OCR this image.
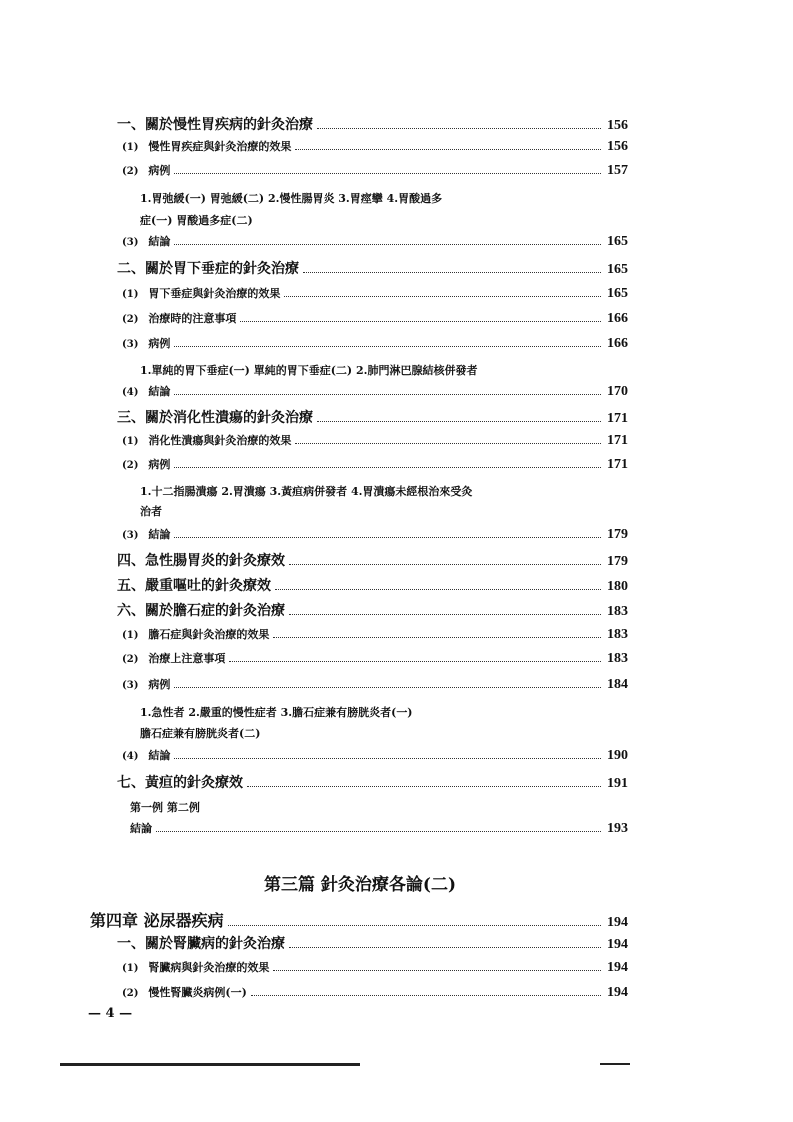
一、關於慢性胃疾病的針灸治療	156
(1) 慢性胃疾症與針灸治療的效果	156
(2) 病例	157
1.胃弛緩(一) 胃弛緩(二) 2.慢性腸胃炎 3.胃痙攣 4.胃酸過多
症(一) 胃酸過多症(二)
(3) 結論	165
二、關於胃下垂症的針灸治療	165
(1) 胃下垂症與針灸治療的效果	165
(2) 治療時的注意事項	166
(3) 病例	166
1.單純的胃下垂症(一) 單純的胃下垂症(二) 2.肺門淋巴腺結核併發者
(4) 結論	170
三、關於消化性潰瘍的針灸治療	171
(1) 消化性潰瘍與針灸治療的效果	171
(2) 病例	171
1.十二指腸潰瘍 2.胃潰瘍 3.黃疸病併發者 4.胃潰瘍未經根治來受灸
治者
(3) 結論	179
四、急性腸胃炎的針灸療效	179
五、嚴重嘔吐的針灸療效	180
六、關於膽石症的針灸治療	183
(1) 膽石症與針灸治療的效果	183
(2) 治療上注意事項	183
(3) 病例	184
1.急性者 2.嚴重的慢性症者 3.膽石症兼有膀胱炎者(一)
膽石症兼有膀胱炎者(二)
(4) 結論	190
七、黃疸的針灸療效	191
第一例 第二例
結論	193
第三篇 針灸治療各論(二)
第四章 泌尿器疾病	194
一、關於腎臟病的針灸治療	194
(1) 腎臟病與針灸治療的效果	194
(2) 慢性腎臟炎病例(一)	194
— 4 —
